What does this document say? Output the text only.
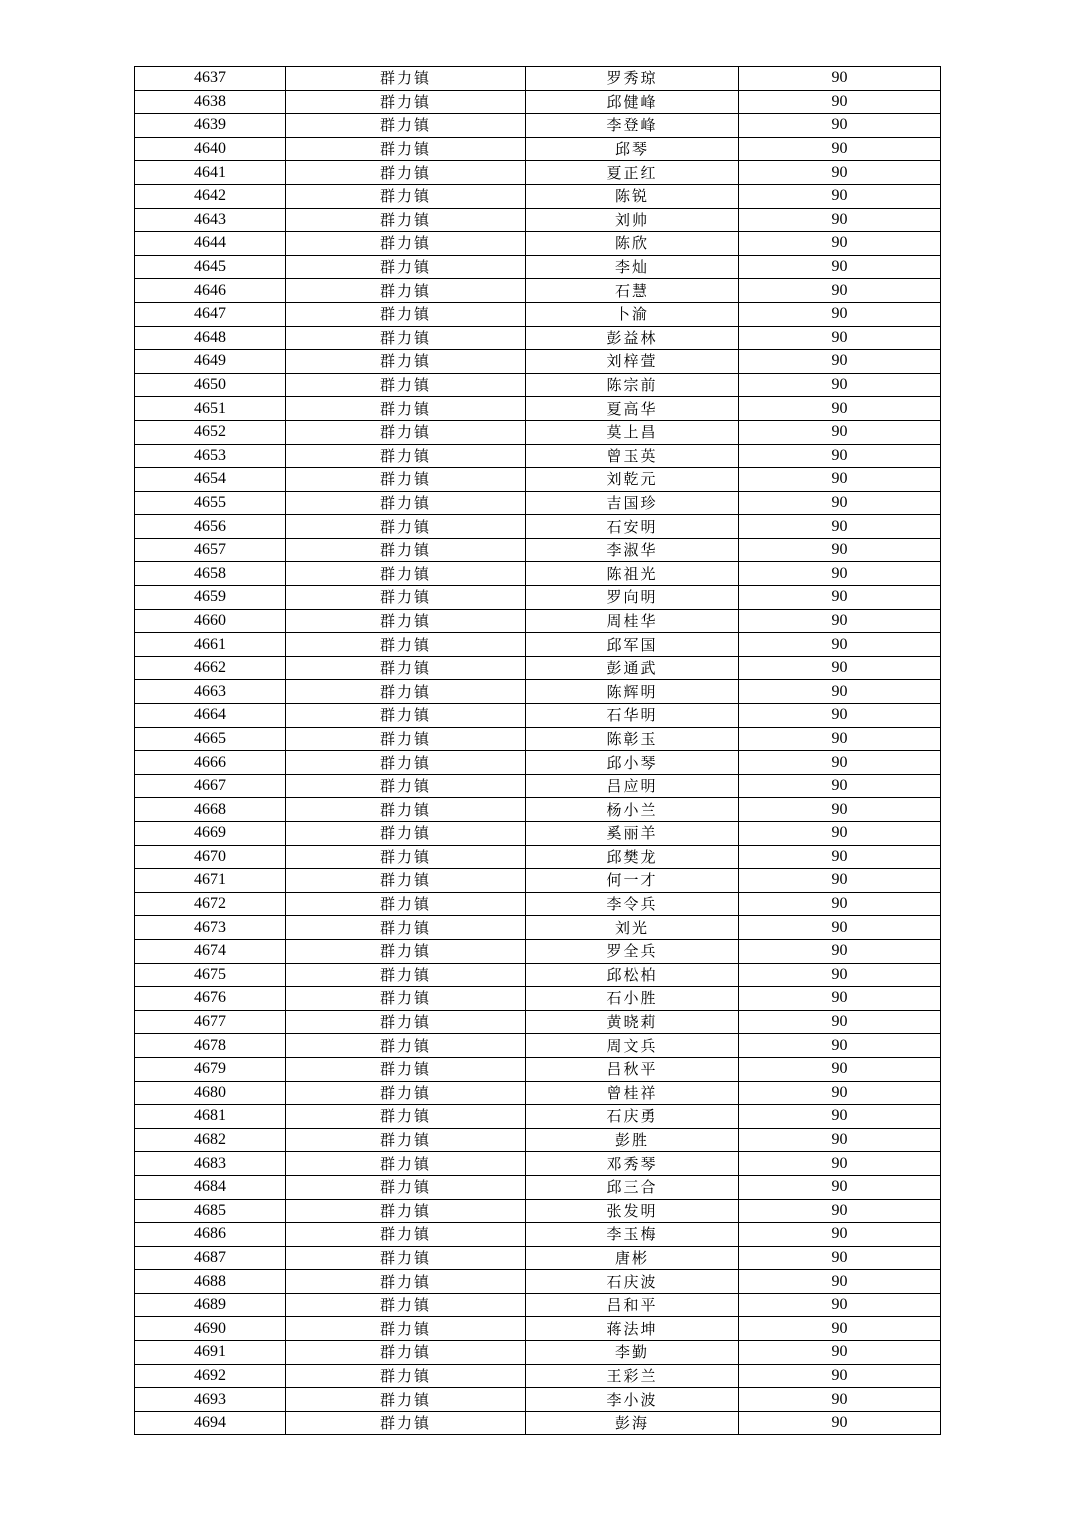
4637	群力镇	罗秀琼	90
4638	群力镇	邱健峰	90
4639	群力镇	李登峰	90
4640	群力镇	邱琴	90
4641	群力镇	夏正红	90
4642	群力镇	陈锐	90
4643	群力镇	刘帅	90
4644	群力镇	陈欣	90
4645	群力镇	李灿	90
4646	群力镇	石慧	90
4647	群力镇	卜渝	90
4648	群力镇	彭益林	90
4649	群力镇	刘梓萱	90
4650	群力镇	陈宗前	90
4651	群力镇	夏高华	90
4652	群力镇	莫上昌	90
4653	群力镇	曾玉英	90
4654	群力镇	刘乾元	90
4655	群力镇	吉国珍	90
4656	群力镇	石安明	90
4657	群力镇	李淑华	90
4658	群力镇	陈祖光	90
4659	群力镇	罗向明	90
4660	群力镇	周桂华	90
4661	群力镇	邱军国	90
4662	群力镇	彭通武	90
4663	群力镇	陈辉明	90
4664	群力镇	石华明	90
4665	群力镇	陈彰玉	90
4666	群力镇	邱小琴	90
4667	群力镇	吕应明	90
4668	群力镇	杨小兰	90
4669	群力镇	奚丽羊	90
4670	群力镇	邱樊龙	90
4671	群力镇	何一才	90
4672	群力镇	李令兵	90
4673	群力镇	刘光	90
4674	群力镇	罗全兵	90
4675	群力镇	邱松柏	90
4676	群力镇	石小胜	90
4677	群力镇	黄晓莉	90
4678	群力镇	周文兵	90
4679	群力镇	吕秋平	90
4680	群力镇	曾桂祥	90
4681	群力镇	石庆勇	90
4682	群力镇	彭胜	90
4683	群力镇	邓秀琴	90
4684	群力镇	邱三合	90
4685	群力镇	张发明	90
4686	群力镇	李玉梅	90
4687	群力镇	唐彬	90
4688	群力镇	石庆波	90
4689	群力镇	吕和平	90
4690	群力镇	蒋法坤	90
4691	群力镇	李勤	90
4692	群力镇	王彩兰	90
4693	群力镇	李小波	90
4694	群力镇	彭海	90
